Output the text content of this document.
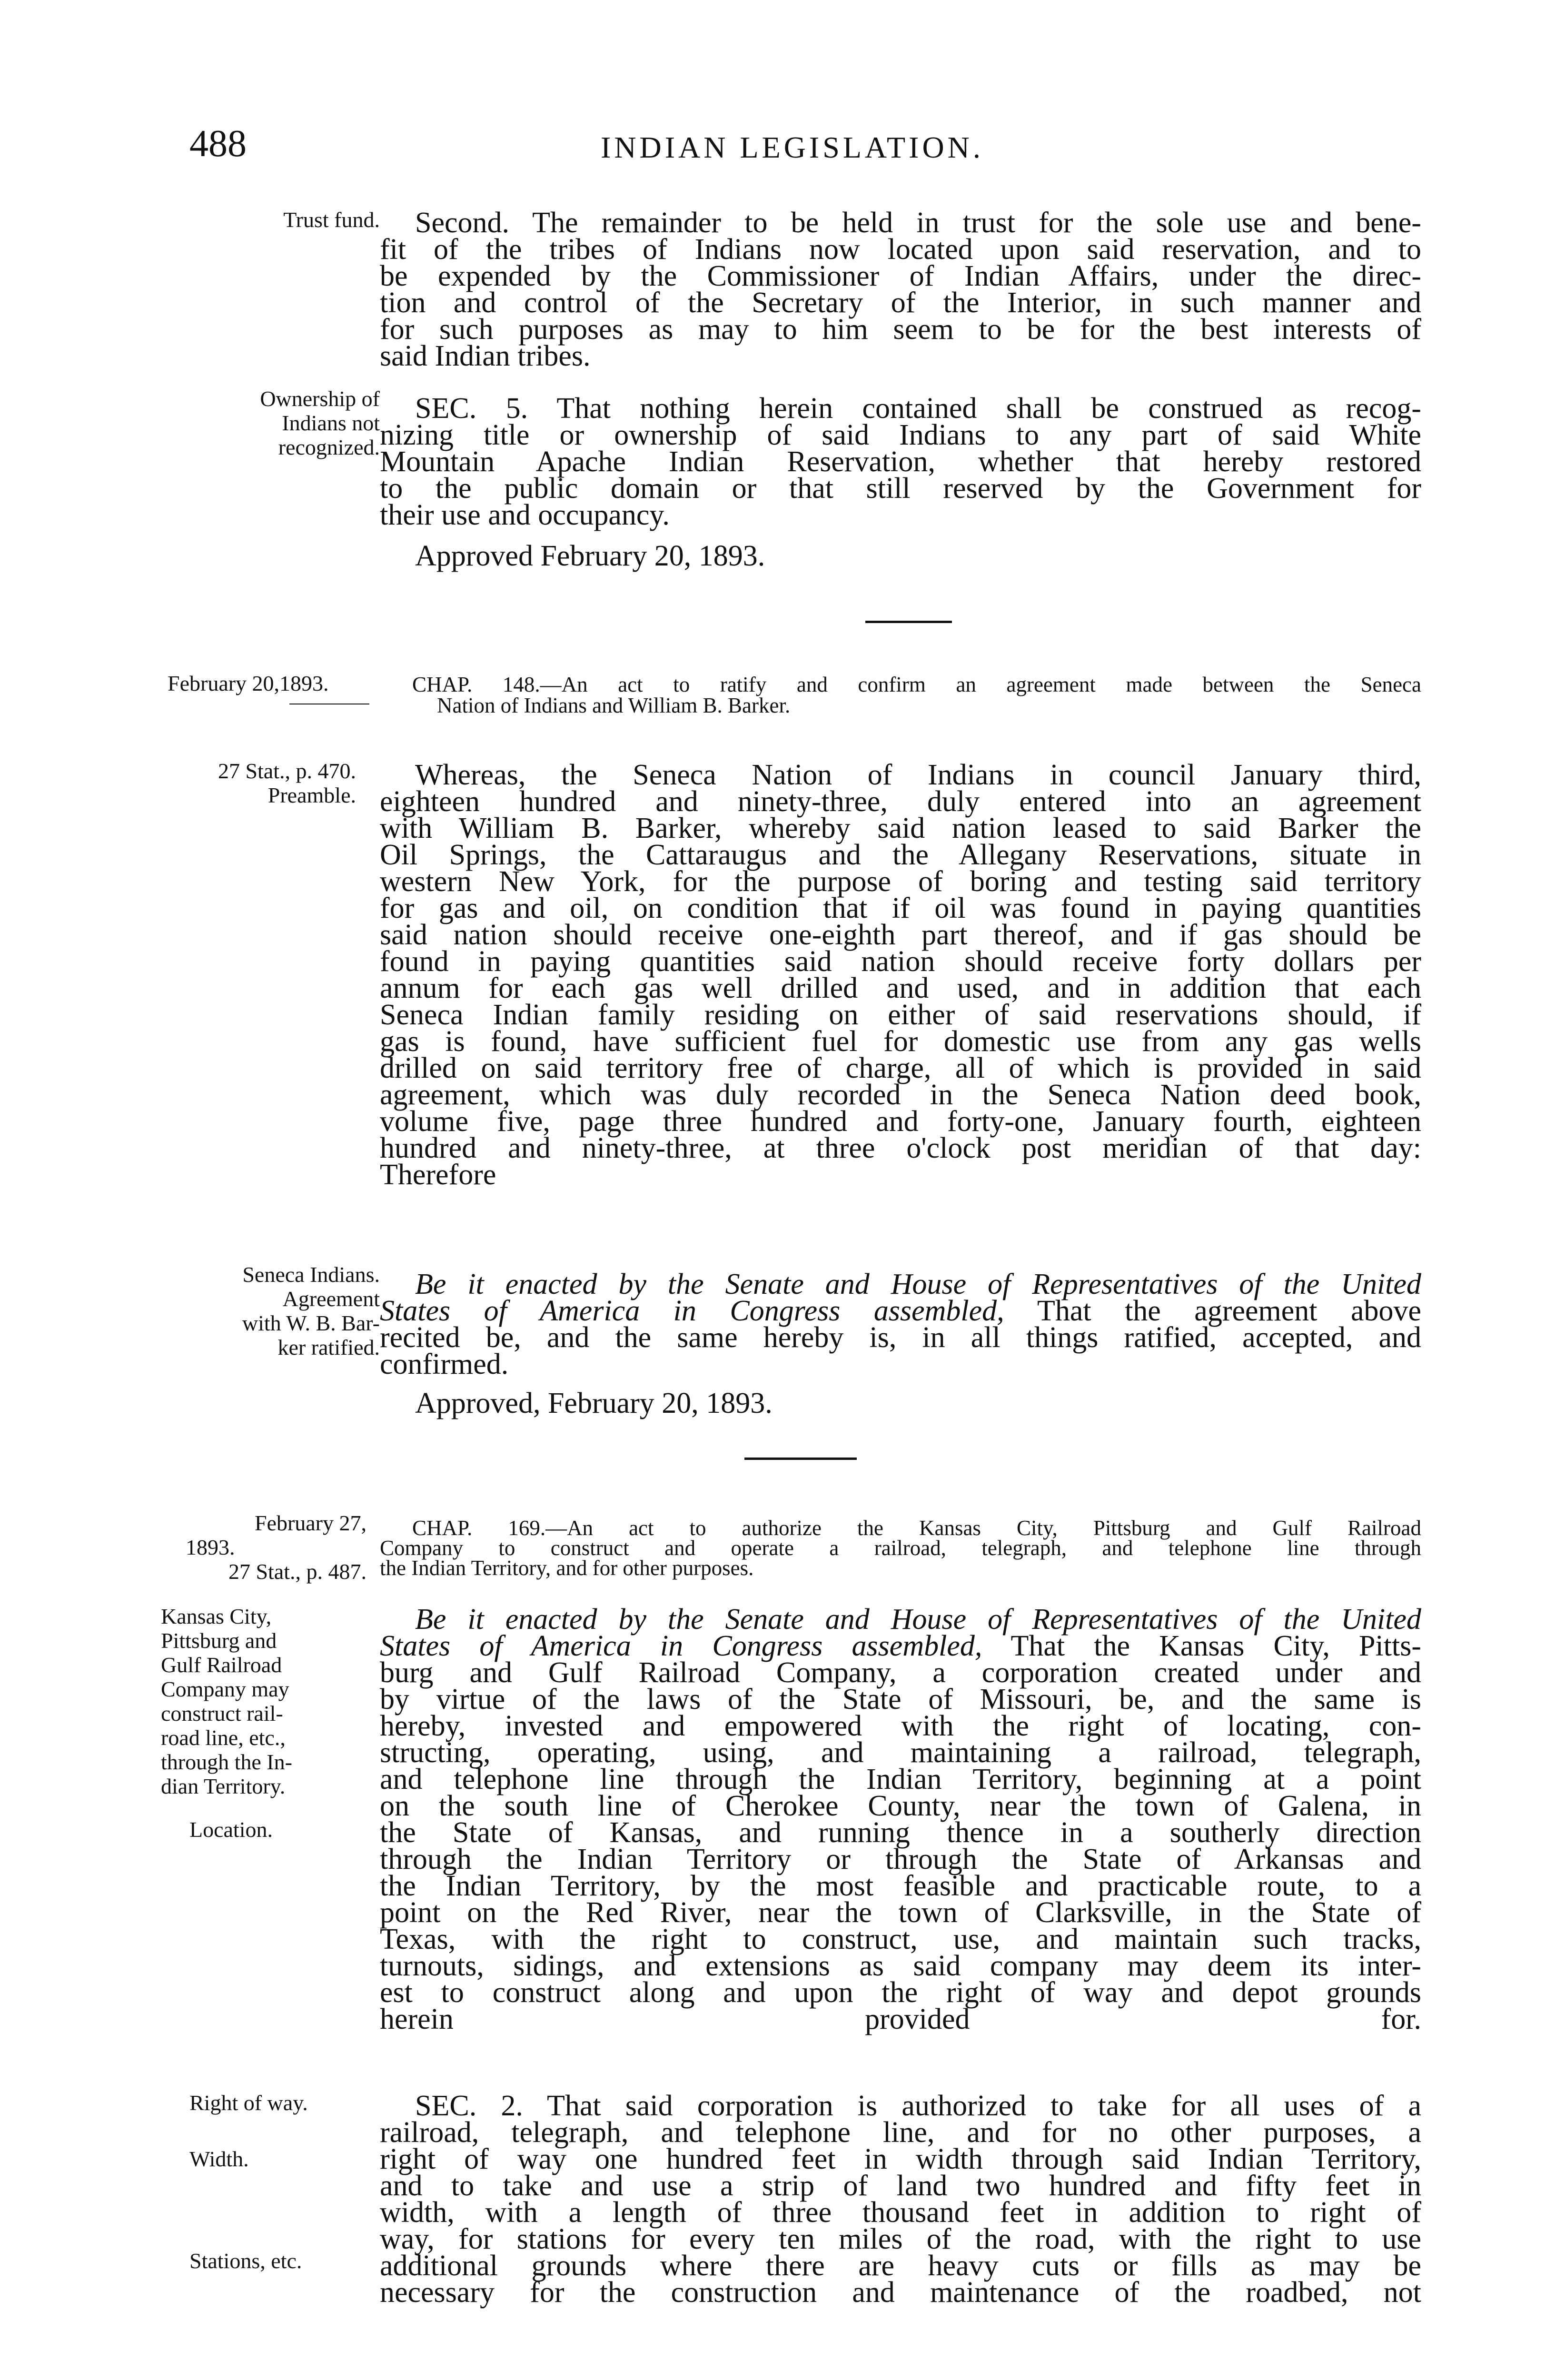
488	INDIAN LEGISLATION.
Trust fund. Second. The remainder to be held in trust for the sole use and bene-
fit of the tribes of Indians now located upon said reservation, and to
be expended by the Commissioner of Indian Affairs, under the direc-
tion and control of the Secretary of the Interior, in such manner and
for such purposes as may to him seem to be for the best interests of
said Indian tribes.
Ownership of
Indians not
recognized.
SEC. 5. That nothing herein contained shall be construed as recog-
nizing title or ownership of said Indians to any part of said White
Mountain Apache Indian Reservation, whether that hereby restored
to the public domain or that still reserved by the Government for
their use and occupancy.
Approved February 20, 1893.
February 20,1893.	CHAP. 148.—An act to ratify and confirm an agreement made between the Seneca
Nation of Indians and William B. Barker.
27 Stat., p. 470.
Preamble.
Whereas, the Seneca Nation of Indians in council January third,
eighteen hundred and ninety-three, duly entered into an agreement
with William B. Barker, whereby said nation leased to said Barker the
Oil Springs, the Cattaraugus and the Allegany Reservations, situate in
western New York, for the purpose of boring and testing said territory
for gas and oil, on condition that if oil was found in paying quantities
said nation should receive one-eighth part thereof, and if gas should be
found in paying quantities said nation should receive forty dollars per
annum for each gas well drilled and used, and in addition that each
Seneca Indian family residing on either of said reservations should, if
gas is found, have sufficient fuel for domestic use from any gas wells
drilled on said territory free of charge, all of which is provided in said
agreement, which was duly recorded in the Seneca Nation deed book,
volume five, page three hundred and forty-one, January fourth, eighteen
hundred and ninety-three, at three o'clock post meridian of that day:
Therefore
Seneca Indians.
Agreement
with W. B. Bar-
ker ratified.
Be it enacted by the Senate and House of Representatives of the United
States of America in Congress assembled, That the agreement above
recited be, and the same hereby is, in all things ratified, accepted, and
confirmed.
Approved, February 20, 1893.
February 27,
1893.
27 Stat., p. 487.
CHAP. 169.—An act to authorize the Kansas City, Pittsburg and Gulf Railroad
Company to construct and operate a railroad, telegraph, and telephone line through
the Indian Territory, and for other purposes.
Kansas City,
Pittsburg and
Gulf Railroad
Company may
construct rail-
road line, etc.,
through the In-
dian Territory.
Location.
Be it enacted by the Senate and House of Representatives of the United
States of America in Congress assembled, That the Kansas City, Pitts-
burg and Gulf Railroad Company, a corporation created under and
by virtue of the laws of the State of Missouri, be, and the same is
hereby, invested and empowered with the right of locating, con-
structing, operating, using, and maintaining a railroad, telegraph,
and telephone line through the Indian Territory, beginning at a point
on the south line of Cherokee County, near the town of Galena, in
the State of Kansas, and running thence in a southerly direction
through the Indian Territory or through the State of Arkansas and
the Indian Territory, by the most feasible and practicable route, to a
point on the Red River, near the town of Clarksville, in the State of
Texas, with the right to construct, use, and maintain such tracks,
turnouts, sidings, and extensions as said company may deem its inter-
est to construct along and upon the right of way and depot grounds
herein provided for.
Right of way.
Width.
Stations, etc.
SEC. 2. That said corporation is authorized to take for all uses of a
railroad, telegraph, and telephone line, and for no other purposes, a
right of way one hundred feet in width through said Indian Territory,
and to take and use a strip of land two hundred and fifty feet in
width, with a length of three thousand feet in addition to right of
way, for stations for every ten miles of the road, with the right to use
additional grounds where there are heavy cuts or fills as may be
necessary for the construction and maintenance of the roadbed, not
